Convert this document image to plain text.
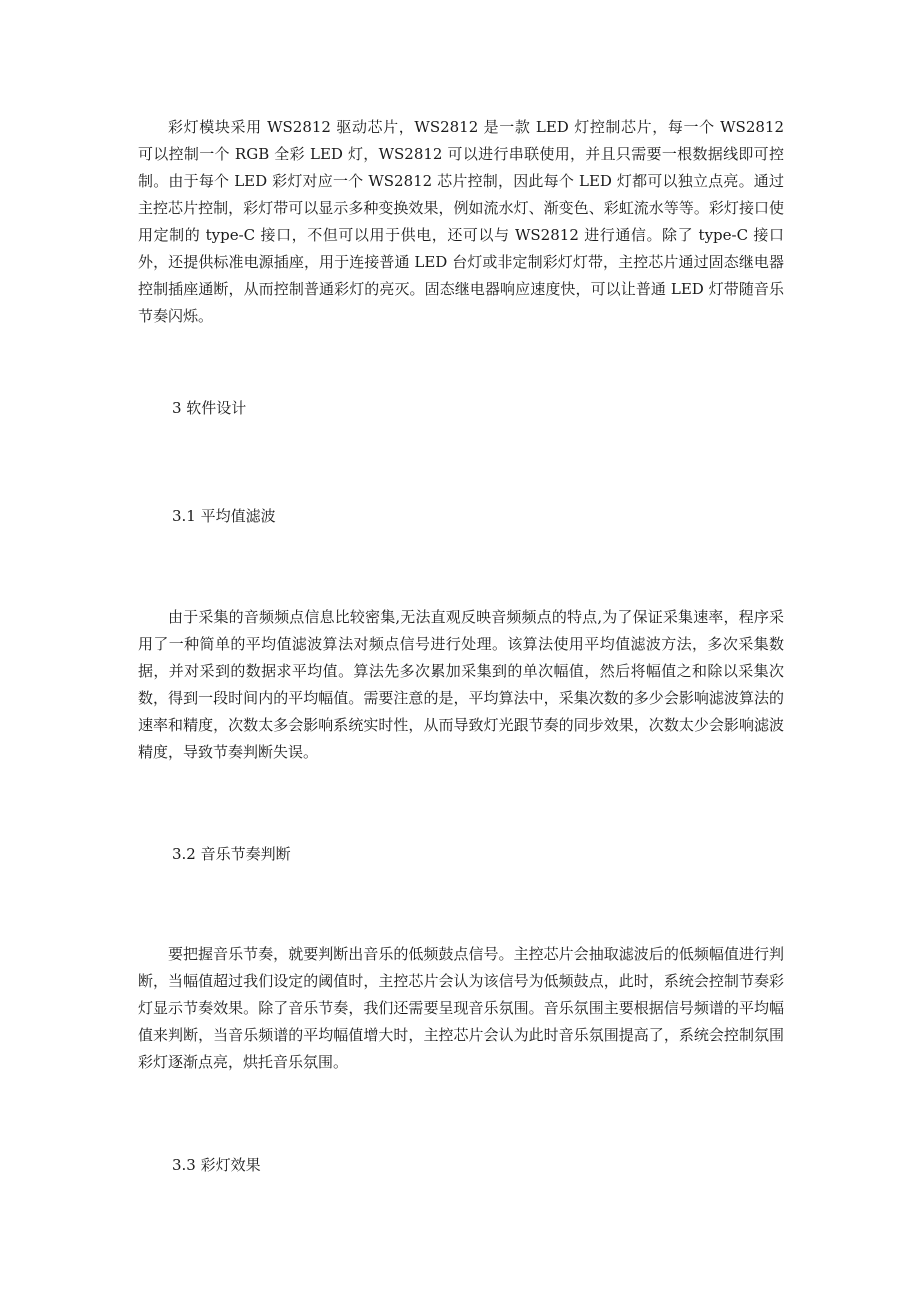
彩灯模块采用 WS2812 驱动芯片，WS2812 是一款 LED 灯控制芯片，每一个 WS2812 可以控制一个 RGB 全彩 LED 灯，WS2812 可以进行串联使用，并且只需要一根数据线即可控制。由于每个 LED 彩灯对应一个 WS2812 芯片控制，因此每个 LED 灯都可以独立点亮。通过主控芯片控制，彩灯带可以显示多种变换效果，例如流水灯、渐变色、彩虹流水等等。彩灯接口使用定制的 type-C 接口，不但可以用于供电，还可以与 WS2812 进行通信。除了 type-C 接口外，还提供标准电源插座，用于连接普通 LED 台灯或非定制彩灯灯带，主控芯片通过固态继电器控制插座通断，从而控制普通彩灯的亮灭。固态继电器响应速度快，可以让普通 LED 灯带随音乐节奏闪烁。

3 软件设计

3.1 平均值滤波

由于采集的音频频点信息比较密集,无法直观反映音频频点的特点,为了保证采集速率，程序采用了一种简单的平均值滤波算法对频点信号进行处理。该算法使用平均值滤波方法，多次采集数据，并对采到的数据求平均值。算法先多次累加采集到的单次幅值，然后将幅值之和除以采集次数，得到一段时间内的平均幅值。需要注意的是，平均算法中，采集次数的多少会影响滤波算法的速率和精度，次数太多会影响系统实时性，从而导致灯光跟节奏的同步效果，次数太少会影响滤波精度，导致节奏判断失误。

3.2 音乐节奏判断

要把握音乐节奏，就要判断出音乐的低频鼓点信号。主控芯片会抽取滤波后的低频幅值进行判断，当幅值超过我们设定的阈值时，主控芯片会认为该信号为低频鼓点，此时，系统会控制节奏彩灯显示节奏效果。除了音乐节奏，我们还需要呈现音乐氛围。音乐氛围主要根据信号频谱的平均幅值来判断，当音乐频谱的平均幅值增大时，主控芯片会认为此时音乐氛围提高了，系统会控制氛围彩灯逐渐点亮，烘托音乐氛围。

3.3 彩灯效果
